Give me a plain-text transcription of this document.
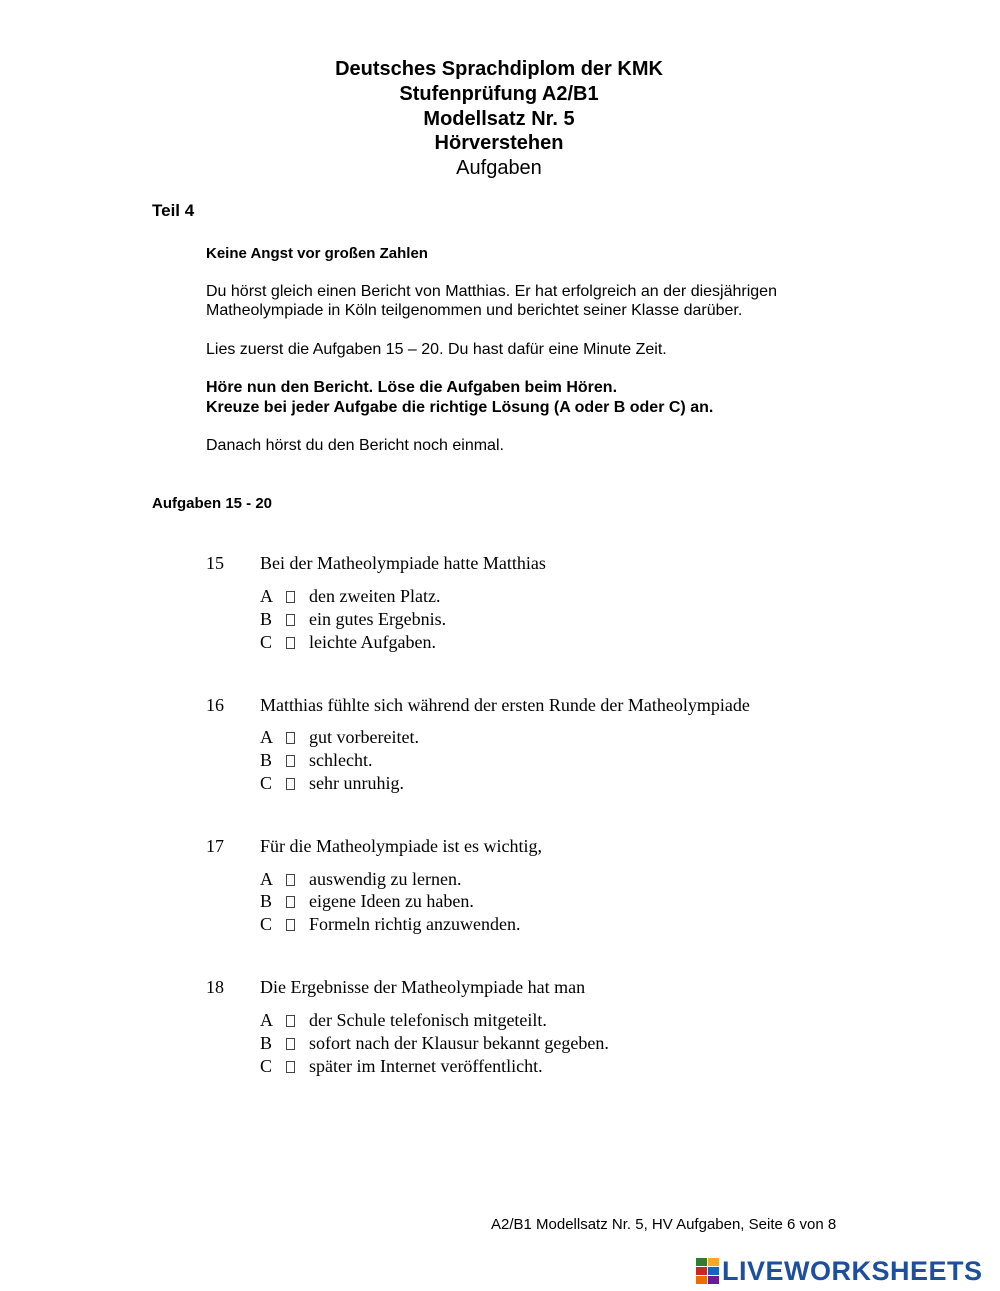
Deutsches Sprachdiplom der KMK
Stufenprüfung A2/B1
Modellsatz Nr. 5
Hörverstehen
Aufgaben
Teil 4
Keine Angst vor großen Zahlen
Du hörst gleich einen Bericht von Matthias. Er hat erfolgreich an der diesjährigen
Matheolympiade in Köln teilgenommen und berichtet seiner Klasse darüber.
Lies zuerst die Aufgaben 15 – 20. Du hast dafür eine Minute Zeit.
Höre nun den Bericht. Löse die Aufgaben beim Hören.
Kreuze bei jeder Aufgabe die richtige Lösung (A oder B oder C) an.
Danach hörst du den Bericht noch einmal.
Aufgaben 15 - 20
15 Bei der Matheolympiade hatte Matthias
A den zweiten Platz.
B ein gutes Ergebnis.
C leichte Aufgaben.
16 Matthias fühlte sich während der ersten Runde der Matheolympiade
A gut vorbereitet.
B schlecht.
C sehr unruhig.
17 Für die Matheolympiade ist es wichtig,
A auswendig zu lernen.
B eigene Ideen zu haben.
C Formeln richtig anzuwenden.
18 Die Ergebnisse der Matheolympiade hat man
A der Schule telefonisch mitgeteilt.
B sofort nach der Klausur bekannt gegeben.
C später im Internet veröffentlicht.
A2/B1 Modellsatz Nr. 5, HV Aufgaben, Seite 6 von 8
LIVEWORKSHEETS
